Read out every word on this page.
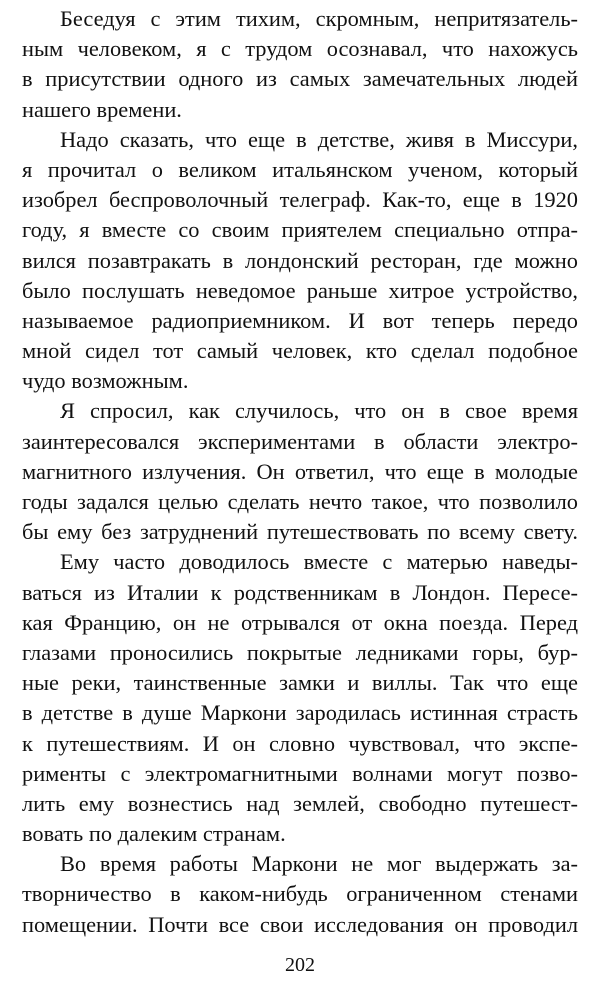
Беседуя с этим тихим, скромным, непритязатель-
ным человеком, я с трудом осознавал, что нахожусь
в присутствии одного из самых замечательных людей
нашего времени.

Надо сказать, что еще в детстве, живя в Миссури,
я прочитал о великом итальянском ученом, который
изобрел беспроволочный телеграф. Как-то, еще в 1920
году, я вместе со своим приятелем специально отпра-
вился позавтракать в лондонский ресторан, где можно
было послушать неведомое раньше хитрое устройство,
называемое радиоприемником. И вот теперь передо
мной сидел тот самый человек, кто сделал подобное
чудо возможным.

Я спросил, как случилось, что он в свое время
заинтересовался экспериментами в области электро-
магнитного излучения. Он ответил, что еще в молодые
годы задался целью сделать нечто такое, что позволило
бы ему без затруднений путешествовать по всему свету.

Ему часто доводилось вместе с матерью наведы-
ваться из Италии к родственникам в Лондон. Пересе-
кая Францию, он не отрывался от окна поезда. Перед
глазами проносились покрытые ледниками горы, бур-
ные реки, таинственные замки и виллы. Так что еще
в детстве в душе Маркони зародилась истинная страсть
к путешествиям. И он словно чувствовал, что экспе-
рименты с электромагнитными волнами могут позво-
лить ему вознестись над землей, свободно путешест-
вовать по далеким странам.

Во время работы Маркони не мог выдержать за-
творничество в каком-нибудь ограниченном стенами
помещении. Почти все свои исследования он проводил

202
